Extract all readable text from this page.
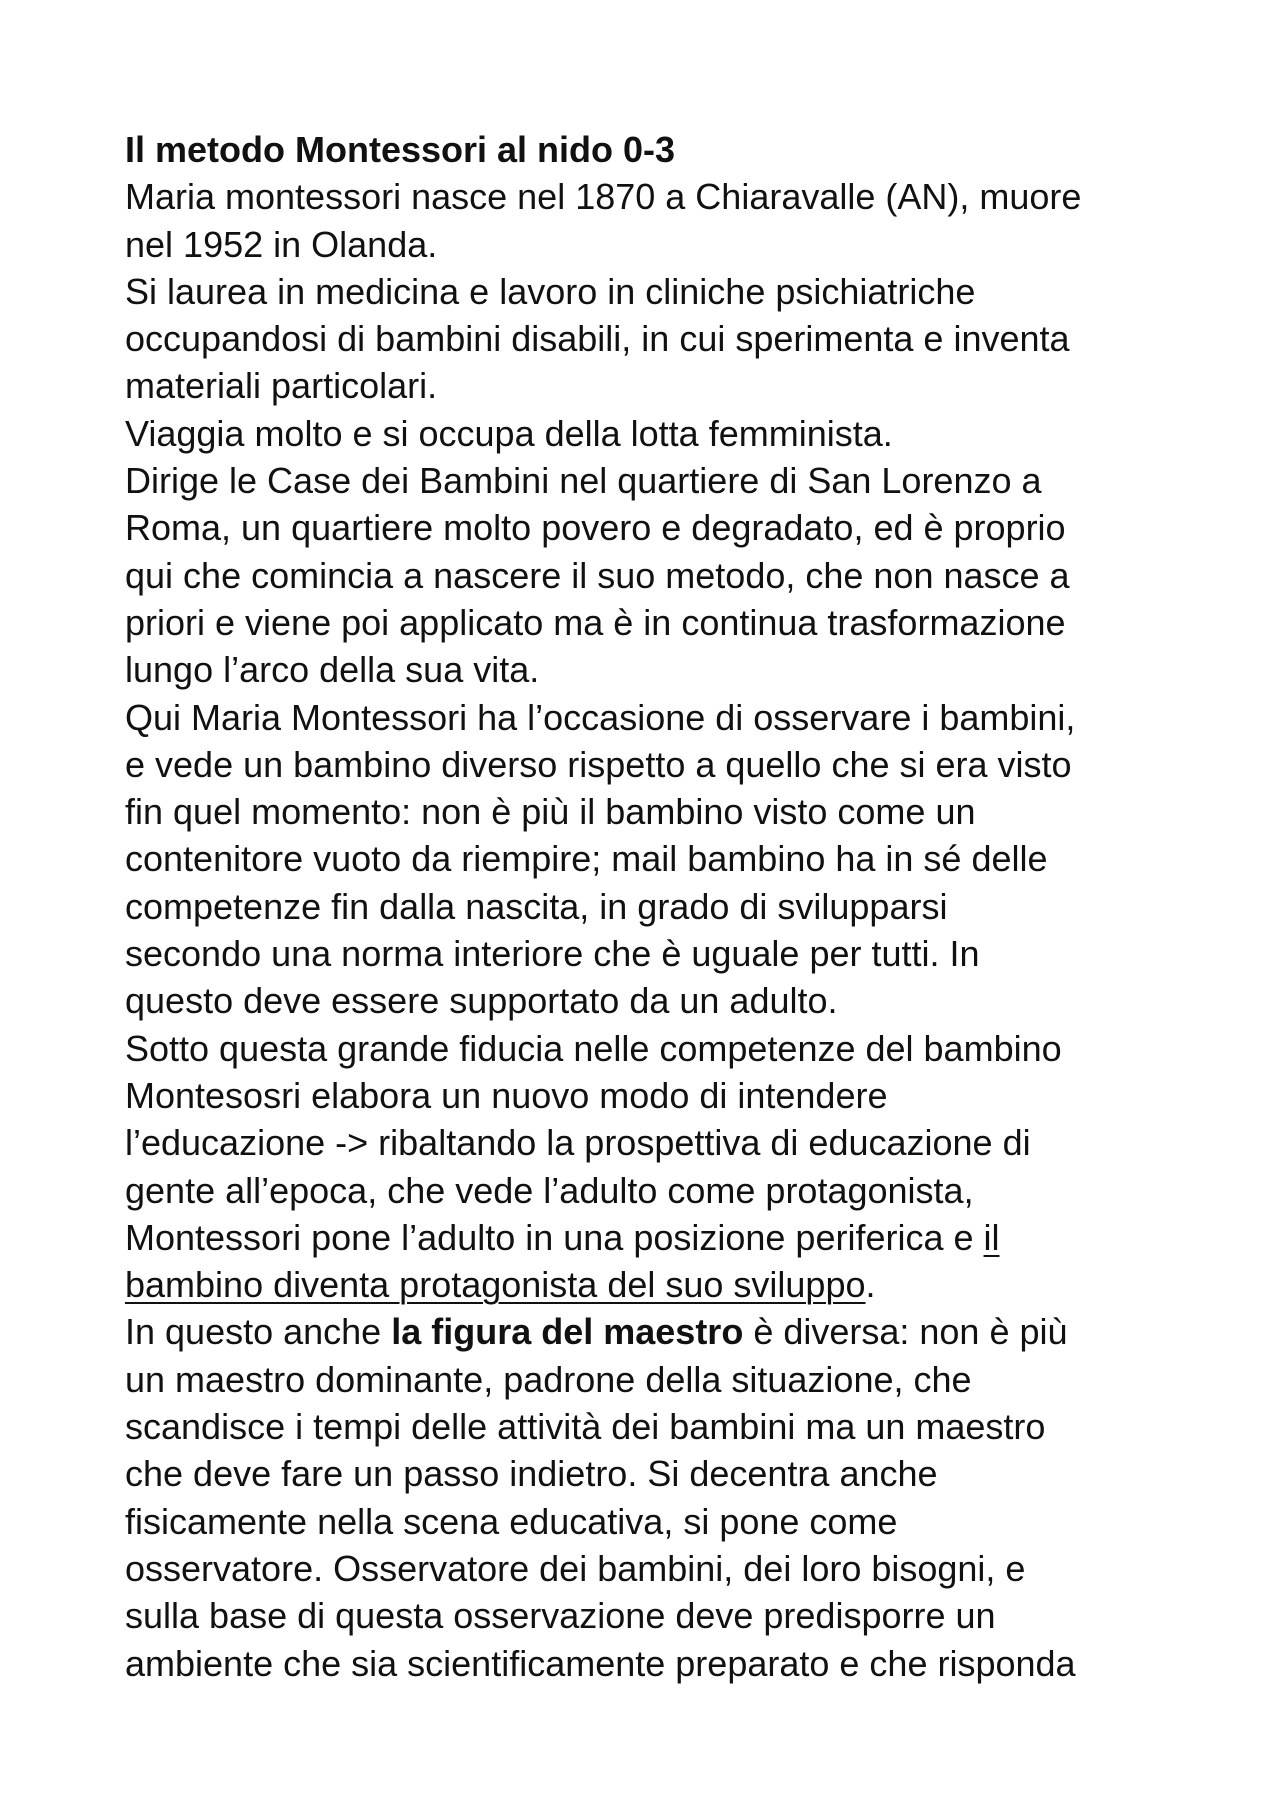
Il metodo Montessori al nido 0-3
Maria montessori nasce nel 1870 a Chiaravalle (AN), muore
nel 1952 in Olanda.
Si laurea in medicina e lavoro in cliniche psichiatriche
occupandosi di bambini disabili, in cui sperimenta e inventa
materiali particolari.
Viaggia molto e si occupa della lotta femminista.
Dirige le Case dei Bambini nel quartiere di San Lorenzo a
Roma, un quartiere molto povero e degradato, ed è proprio
qui che comincia a nascere il suo metodo, che non nasce a
priori e viene poi applicato ma è in continua trasformazione
lungo l’arco della sua vita.
Qui Maria Montessori ha l’occasione di osservare i bambini,
e vede un bambino diverso rispetto a quello che si era visto
fin quel momento: non è più il bambino visto come un
contenitore vuoto da riempire; mail bambino ha in sé delle
competenze fin dalla nascita, in grado di svilupparsi
secondo una norma interiore che è uguale per tutti. In
questo deve essere supportato da un adulto.
Sotto questa grande fiducia nelle competenze del bambino
Montesosri elabora un nuovo modo di intendere
l’educazione -> ribaltando la prospettiva di educazione di
gente all’epoca, che vede l’adulto come protagonista,
Montessori pone l’adulto in una posizione periferica e il
bambino diventa protagonista del suo sviluppo.
In questo anche la figura del maestro è diversa: non è più
un maestro dominante, padrone della situazione, che
scandisce i tempi delle attività dei bambini ma un maestro
che deve fare un passo indietro. Si decentra anche
fisicamente nella scena educativa, si pone come
osservatore. Osservatore dei bambini, dei loro bisogni, e
sulla base di questa osservazione deve predisporre un
ambiente che sia scientificamente preparato e che risponda
